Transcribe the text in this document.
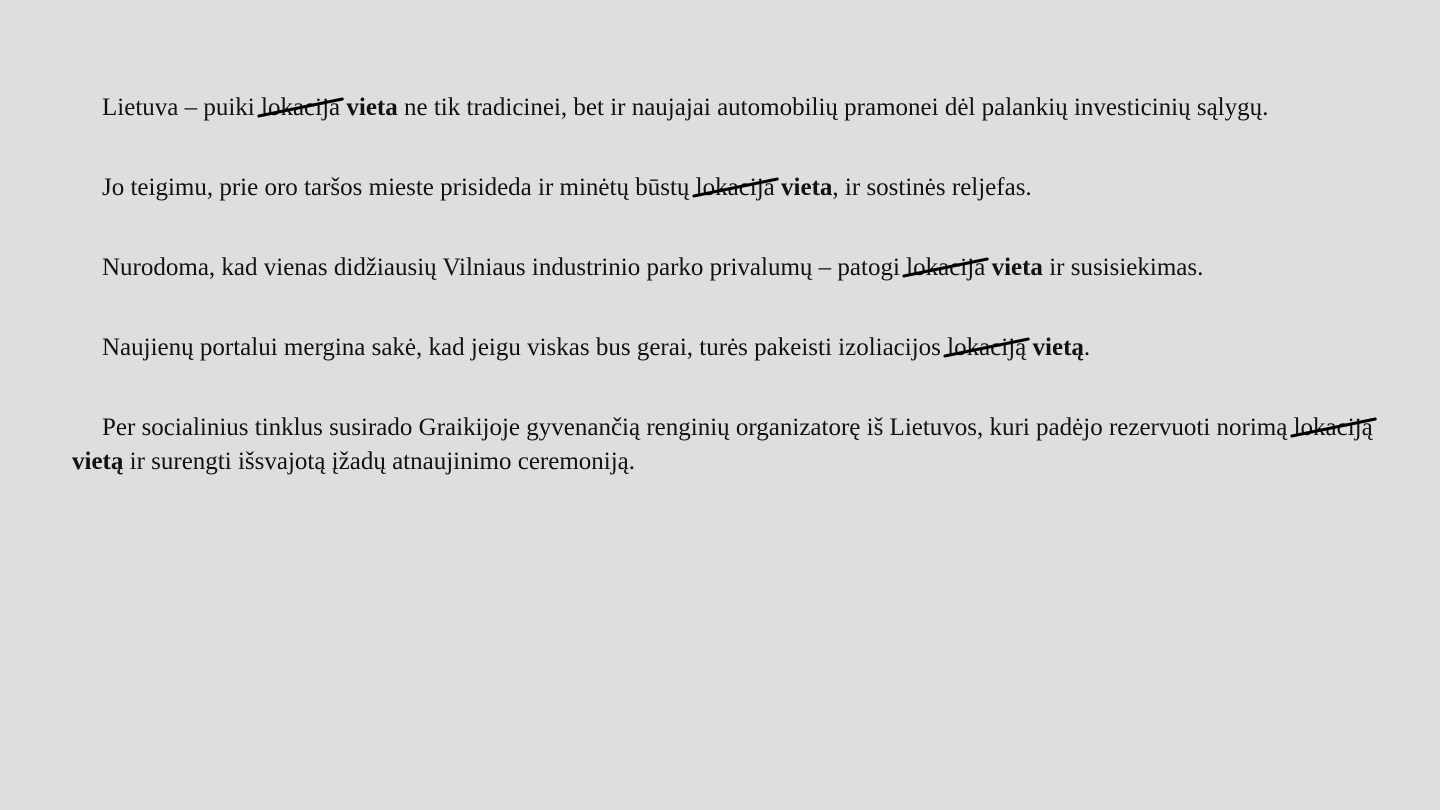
Lietuva – puiki lokacija vieta ne tik tradicinei, bet ir naujajai automobilių pramonei dėl palankių investicinių sąlygų.

Jo teigimu, prie oro taršos mieste prisideda ir minėtų būstų lokacija vieta, ir sostinės reljefas.

Nurodoma, kad vienas didžiausių Vilniaus industrinio parko privalumų – patogi lokacija vieta ir susisiekimas.

Naujienų portalui mergina sakė, kad jeigu viskas bus gerai, turės pakeisti izoliacijos lokaciją vietą.

Per socialinius tinklus susirado Graikijoje gyvenančią renginių organizatorę iš Lietuvos, kuri padėjo rezervuoti norimą lokaciją
vietą ir surengti išsvajotą įžadų atnaujinimo ceremoniją.
